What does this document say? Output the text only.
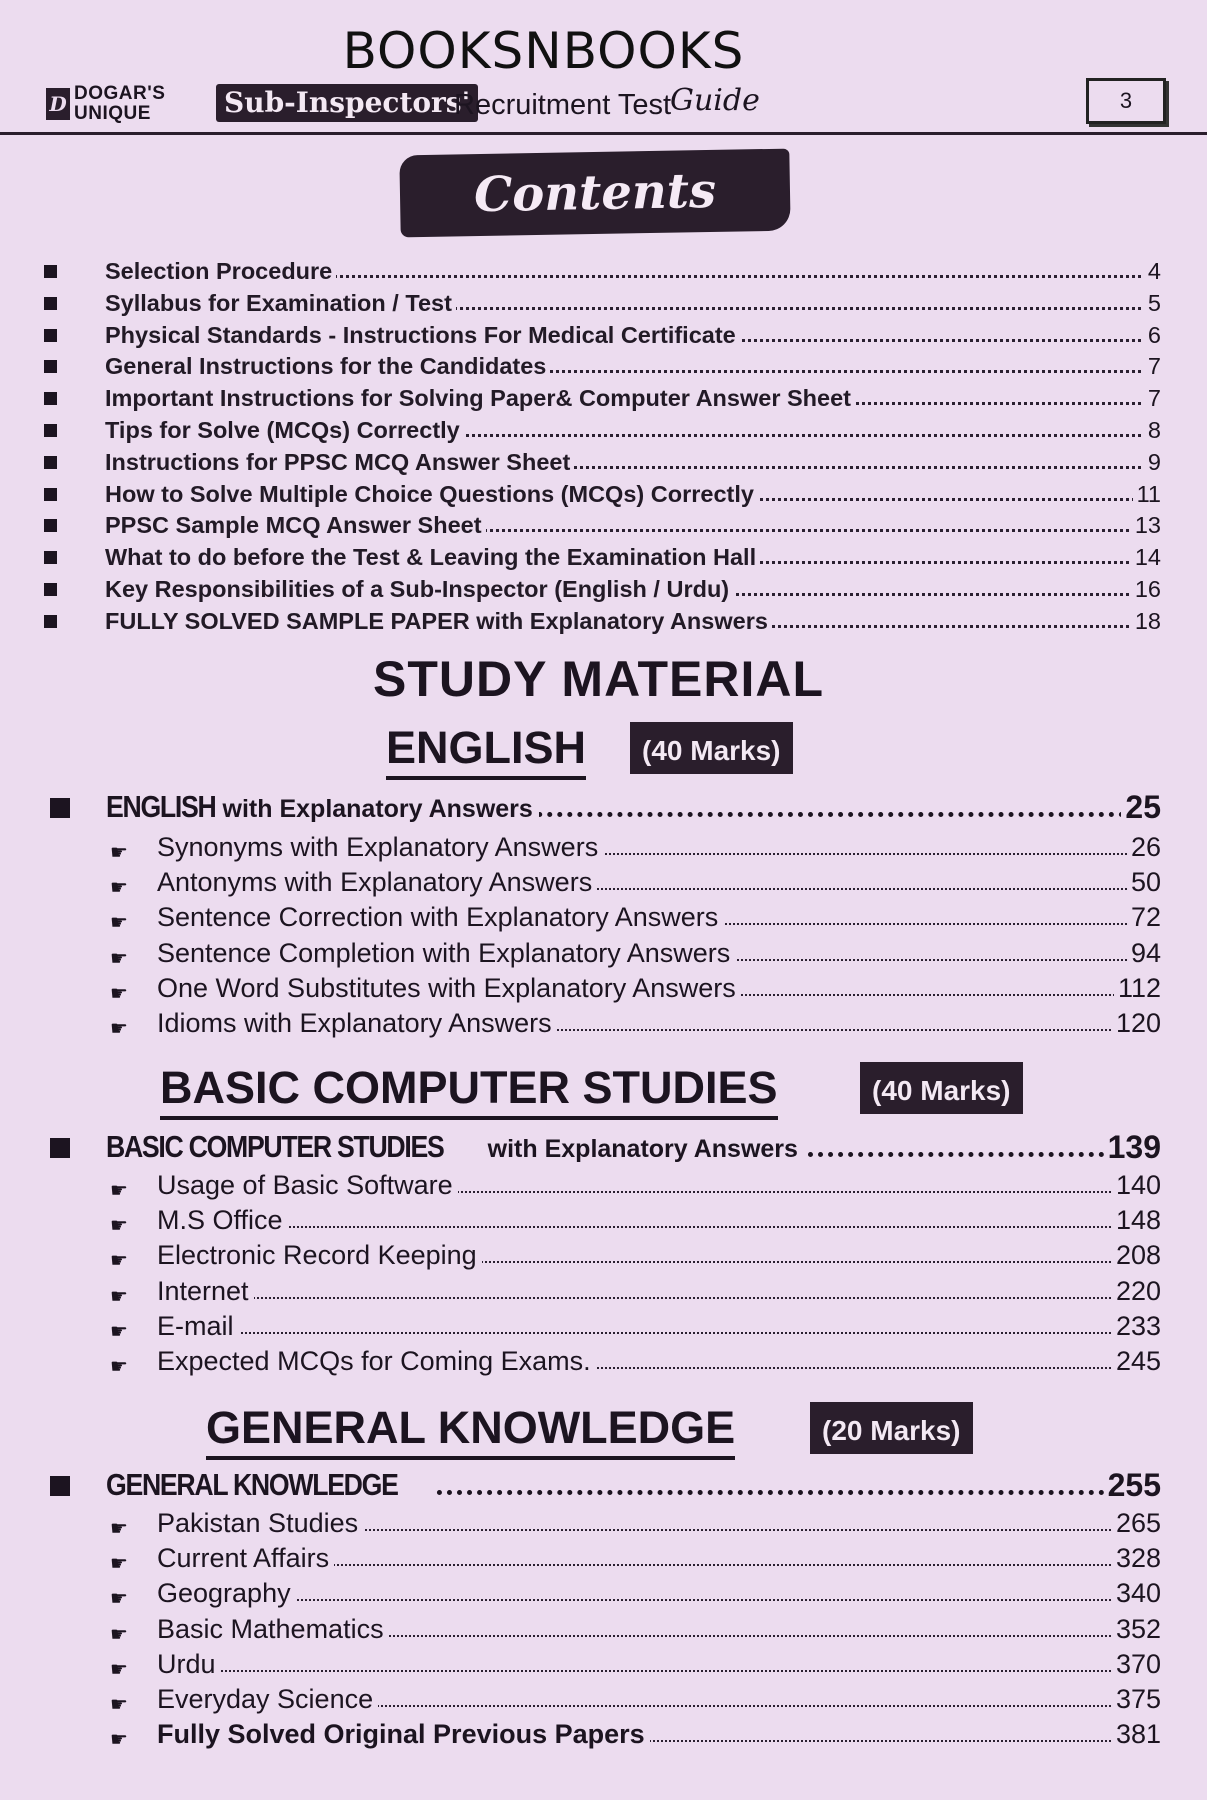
BOOKSNBOOKS
D DOGAR'S
UNIQUE	Sub-Inspectors'
Recruitment Test
Guide	3
Contents
Selection Procedure	4
Syllabus for Examination / Test	5
Physical Standards - Instructions For Medical Certificate	6
General Instructions for the Candidates	7
Important Instructions for Solving Paper& Computer Answer Sheet	7
Tips for Solve (MCQs) Correctly	8
Instructions for PPSC MCQ Answer Sheet	9
How to Solve Multiple Choice Questions (MCQs) Correctly	11
PPSC Sample MCQ Answer Sheet	13
What to do before the Test & Leaving the Examination Hall	14
Key Responsibilities of a Sub-Inspector (English / Urdu)	16
FULLY SOLVED SAMPLE PAPER with Explanatory Answers	18
STUDY MATERIAL
ENGLISH	(40 Marks)
ENGLISH with Explanatory Answers	25
☛ Synonyms with Explanatory Answers	26
☛ Antonyms with Explanatory Answers	50
☛ Sentence Correction with Explanatory Answers	72
☛ Sentence Completion with Explanatory Answers	94
☛ One Word Substitutes with Explanatory Answers	112
☛ Idioms with Explanatory Answers	120
BASIC COMPUTER STUDIES	(40 Marks)
BASIC COMPUTER STUDIES with Explanatory Answers	139
☛ Usage of Basic Software	140
☛ M.S Office	148
☛ Electronic Record Keeping	208
☛ Internet	220
☛ E-mail	233
☛ Expected MCQs for Coming Exams.	245
GENERAL KNOWLEDGE	(20 Marks)
GENERAL KNOWLEDGE	255
☛ Pakistan Studies	265
☛ Current Affairs	328
☛ Geography	340
☛ Basic Mathematics	352
☛ Urdu	370
☛ Everyday Science	375
☛ Fully Solved Original Previous Papers	381
